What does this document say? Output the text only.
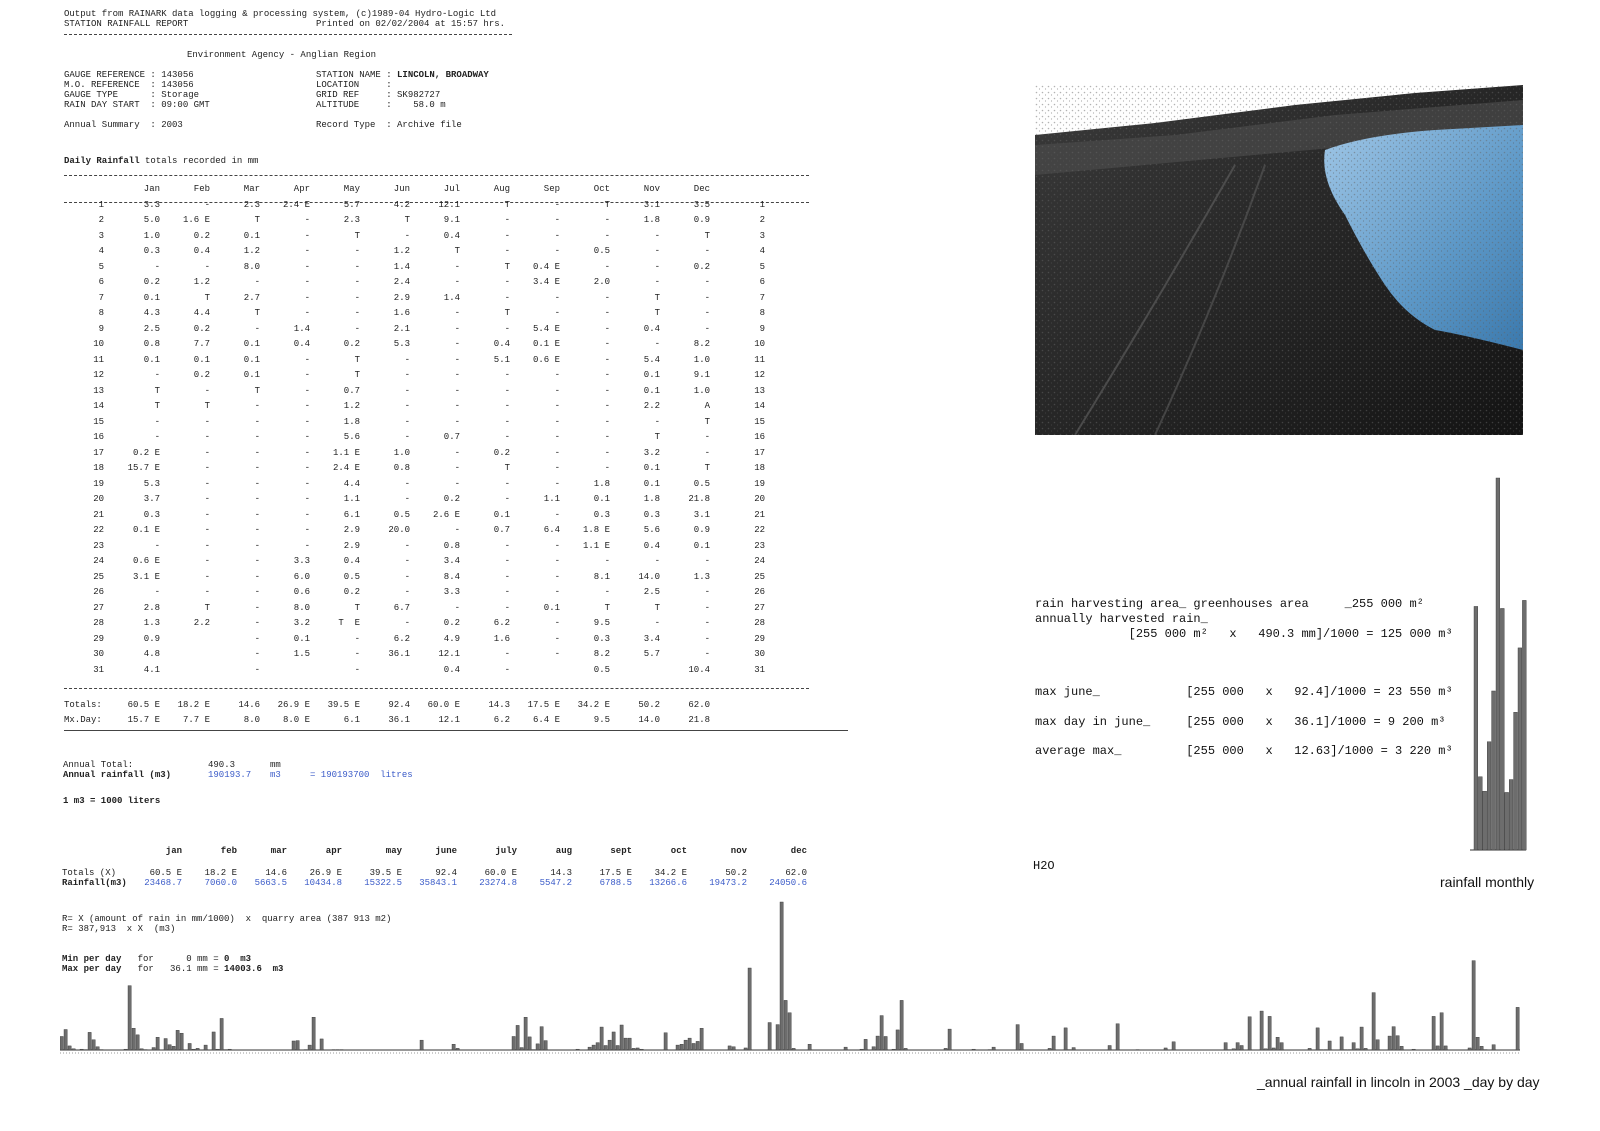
Output from RAINARK data logging & processing system, (c)1989-04 Hydro-Logic Ltd
STATION RAINFALL REPORT	Printed on 02/02/2004 at 15:57 hrs.
Environment Agency - Anglian Region
GAUGE REFERENCE : 143056
M.O. REFERENCE  : 143056
GAUGE TYPE      : Storage
RAIN DAY START  : 09:00 GMT
Annual Summary  : 2003
STATION NAME : LINCOLN, BROADWAY
LOCATION     :
GRID REF     : SK982727
ALTITUDE     :    58.0 m
Record Type  : Archive file
Daily Rainfall totals recorded in mm
	Jan	Feb	Mar	Apr	May	Jun	Jul	Aug	Sep	Oct	Nov	Dec	
1	3.3	-	2.3	2.4 E	5.7	4.2	12.1	T	-	T	3.1	3.5	1
2	5.0	1.6 E	T	-	2.3	T	9.1	-	-	-	1.8	0.9	2
3	1.0	0.2	0.1	-	T	-	0.4	-	-	-	-	T	3
4	0.3	0.4	1.2	-	-	1.2	T	-	-	0.5	-	-	4
5	-	-	8.0	-	-	1.4	-	T	0.4 E	-	-	0.2	5
6	0.2	1.2	-	-	-	2.4	-	-	3.4 E	2.0	-	-	6
7	0.1	T	2.7	-	-	2.9	1.4	-	-	-	T	-	7
8	4.3	4.4	T	-	-	1.6	-	T	-	-	T	-	8
9	2.5	0.2	-	1.4	-	2.1	-	-	5.4 E	-	0.4	-	9
10	0.8	7.7	0.1	0.4	0.2	5.3	-	0.4	0.1 E	-	-	8.2	10
11	0.1	0.1	0.1	-	T	-	-	5.1	0.6 E	-	5.4	1.0	11
12	-	0.2	0.1	-	T	-	-	-	-	-	0.1	9.1	12
13	T	-	T	-	0.7	-	-	-	-	-	0.1	1.0	13
14	T	T	-	-	1.2	-	-	-	-	-	2.2	A	14
15	-	-	-	-	1.8	-	-	-	-	-	-	T	15
16	-	-	-	-	5.6	-	0.7	-	-	-	T	-	16
17	0.2 E	-	-	-	1.1 E	1.0	-	0.2	-	-	3.2	-	17
18	15.7 E	-	-	-	2.4 E	0.8	-	T	-	-	0.1	T	18
19	5.3	-	-	-	4.4	-	-	-	-	1.8	0.1	0.5	19
20	3.7	-	-	-	1.1	-	0.2	-	1.1	0.1	1.8	21.8	20
21	0.3	-	-	-	6.1	0.5	2.6 E	0.1	-	0.3	0.3	3.1	21
22	0.1 E	-	-	-	2.9	20.0	-	0.7	6.4	1.8 E	5.6	0.9	22
23	-	-	-	-	2.9	-	0.8	-	-	1.1 E	0.4	0.1	23
24	0.6 E	-	-	3.3	0.4	-	3.4	-	-	-	-	-	24
25	3.1 E	-	-	6.0	0.5	-	8.4	-	-	8.1	14.0	1.3	25
26	-	-	-	0.6	0.2	-	3.3	-	-	-	2.5	-	26
27	2.8	T	-	8.0	T	6.7	-	-	0.1	T	T	-	27
28	1.3	2.2	-	3.2	T  E	-	0.2	6.2	-	9.5	-	-	28
29	0.9		-	0.1	-	6.2	4.9	1.6	-	0.3	3.4	-	29
30	4.8		-	1.5	-	36.1	12.1	-	-	8.2	5.7	-	30
31	4.1		-		-		0.4	-		0.5		10.4	31
Totals:	60.5 E	18.2 E	14.6	26.9 E	39.5 E	92.4	60.0 E	14.3	17.5 E	34.2 E	50.2	62.0
Mx.Day:	15.7 E	7.7 E	8.0	8.0 E	6.1	36.1	12.1	6.2	6.4 E	9.5	14.0	21.8
Annual Total:	490.3	mm
Annual rainfall (m3)	190193.7 m3	= 190193700  litres
1 m3 = 1000 liters
	jan	feb	mar	apr	may	june	july	aug	sept	oct	nov	dec

Totals (X)	60.5 E	18.2 E	14.6	26.9 E	39.5 E	92.4	60.0 E	14.3	17.5 E	34.2 E	50.2	62.0
Rainfall(m3)	23468.7	7060.0	5663.5	10434.8	15322.5	35843.1	23274.8	5547.2	6788.5	13266.6	19473.2	24050.6
R= X (amount of rain in mm/1000)  x  quarry area (387 913 m2)
R= 387,913  x X  (m3)
Min per day   for      0 mm = 0  m3
Max per day   for   36.1 mm = 14003.6  m3
rain harvesting area_ greenhouses area     _255 000 m²
annually harvested rain_
[255 000 m²   x   490.3 mm]/1000 = 125 000 m³
max june_            [255 000   x   92.4]/1000 = 23 550 m³
max day in june_     [255 000   x   36.1]/1000 = 9 200 m³
average max_         [255 000   x   12.63]/1000 = 3 220 m³
H2O
rainfall monthly
_annual rainfall in lincoln in 2003 _day by day
